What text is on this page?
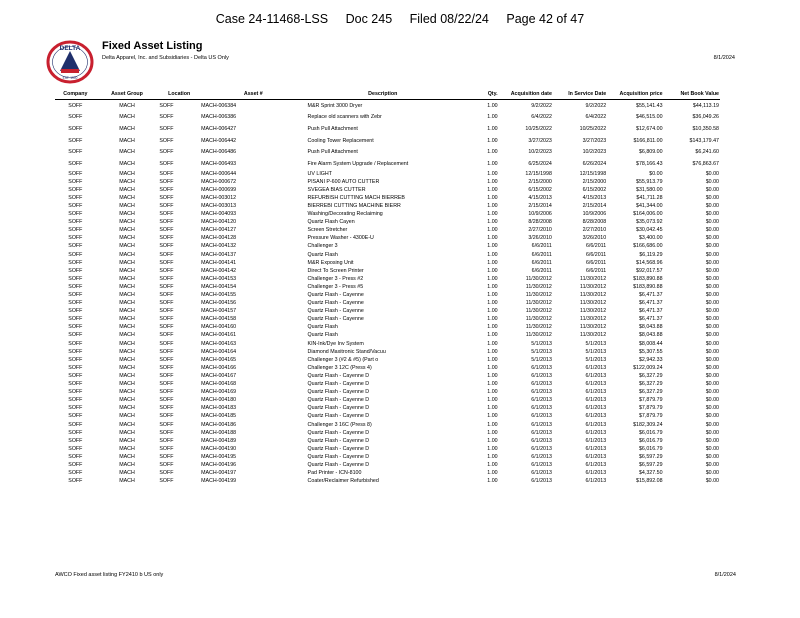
Case 24-11468-LSS Doc 245 Filed 08/22/24 Page 42 of 47
DELTA
EST. 1990
Fixed Asset Listing
Delta Apparel, Inc. and Subsidiaries - Delta US Only	8/1/2024
Company	Asset Group	Location	Asset #	Description	Qty.	Acquisition date	In Service Date	Acquisition price	Net Book Value
SOFF	MACH	SOFF	MACH-006384	M&R Sprint 3000 Dryer	1.00	9/2/2022	9/2/2022	$55,141.43	$44,113.19
SOFF	MACH	SOFF	MACH-006386	Replace old scanners with Zebr	1.00	6/4/2022	6/4/2022	$46,515.00	$36,049.26
SOFF	MACH	SOFF	MACH-006427	Push Pull Attachment	1.00	10/25/2022	10/25/2022	$12,674.00	$10,350.58
SOFF	MACH	SOFF	MACH-006442	Cooling Tower Replacement	1.00	3/27/2023	3/27/2023	$166,811.00	$143,179.47
SOFF	MACH	SOFF	MACH-006486	Push Pull Attachment	1.00	10/2/2023	10/2/2023	$6,809.00	$6,241.60
SOFF	MACH	SOFF	MACH-006493	Fire Alarm System Upgrade / Replacement	1.00	6/25/2024	6/26/2024	$78,166.43	$76,863.67
SOFF	MACH	SOFF	MACH-000644	UV LIGHT	1.00	12/15/1998	12/15/1998	$0.00	$0.00
SOFF	MACH	SOFF	MACH-000672	PISANI P-600 AUTO CUTTER	1.00	2/15/2000	2/15/2000	$55,913.79	$0.00
SOFF	MACH	SOFF	MACH-000699	SVEGEA BIAS CUTTER	1.00	6/15/2002	6/15/2002	$31,580.00	$0.00
SOFF	MACH	SOFF	MACH-003012	REFURBISH CUTTING MACH BIERREB	1.00	4/15/2013	4/15/2013	$41,711.28	$0.00
SOFF	MACH	SOFF	MACH-003013	BIERREBI CUTTING MACHINE BIERR	1.00	2/15/2014	2/15/2014	$41,344.00	$0.00
SOFF	MACH	SOFF	MACH-004093	Washing/Decorating Reclaiming	1.00	10/9/2006	10/9/2006	$164,006.00	$0.00
SOFF	MACH	SOFF	MACH-004120	Quartz Flash Cayen	1.00	8/28/2008	8/28/2008	$35,073.92	$0.00
SOFF	MACH	SOFF	MACH-004127	Screen Stretcher	1.00	2/27/2010	2/27/2010	$30,042.45	$0.00
SOFF	MACH	SOFF	MACH-004128	Pressure Washer - 4300E-U	1.00	3/26/2010	3/26/2010	$3,400.00	$0.00
SOFF	MACH	SOFF	MACH-004132	Challenger 3	1.00	6/6/2011	6/6/2011	$166,686.00	$0.00
SOFF	MACH	SOFF	MACH-004137	Quartz Flash	1.00	6/6/2011	6/6/2011	$6,119.29	$0.00
SOFF	MACH	SOFF	MACH-004141	M&R Exposing Unit	1.00	6/6/2011	6/6/2011	$14,568.96	$0.00
SOFF	MACH	SOFF	MACH-004142	Direct To Screen Printer	1.00	6/6/2011	6/6/2011	$92,017.57	$0.00
SOFF	MACH	SOFF	MACH-004153	Challenger 3 - Press #2	1.00	11/30/2012	11/30/2012	$183,890.88	$0.00
SOFF	MACH	SOFF	MACH-004154	Challenger 3 - Press #5	1.00	11/30/2012	11/30/2012	$183,890.88	$0.00
SOFF	MACH	SOFF	MACH-004155	Quartz Flash - Cayenne	1.00	11/30/2012	11/30/2012	$6,471.37	$0.00
SOFF	MACH	SOFF	MACH-004156	Quartz Flash - Cayenne	1.00	11/30/2012	11/30/2012	$6,471.37	$0.00
SOFF	MACH	SOFF	MACH-004157	Quartz Flash - Cayenne	1.00	11/30/2012	11/30/2012	$6,471.37	$0.00
SOFF	MACH	SOFF	MACH-004158	Quartz Flash - Cayenne	1.00	11/30/2012	11/30/2012	$6,471.37	$0.00
SOFF	MACH	SOFF	MACH-004160	Quartz Flash	1.00	11/30/2012	11/30/2012	$8,043.88	$0.00
SOFF	MACH	SOFF	MACH-004161	Quartz Flash	1.00	11/30/2012	11/30/2012	$8,043.88	$0.00
SOFF	MACH	SOFF	MACH-004163	KIN-Ink/Dye Inv System	1.00	5/1/2013	5/1/2013	$8,008.44	$0.00
SOFF	MACH	SOFF	MACH-004164	Diamond Maxitronic Stand/Vacuu	1.00	5/1/2013	5/1/2013	$5,307.55	$0.00
SOFF	MACH	SOFF	MACH-004165	Challenger 3 (#2 & #5) (Part o	1.00	5/1/2013	5/1/2013	$2,942.33	$0.00
SOFF	MACH	SOFF	MACH-004166	Challenger 3 12C (Press 4)	1.00	6/1/2013	6/1/2013	$122,009.24	$0.00
SOFF	MACH	SOFF	MACH-004167	Quartz Flash - Cayenne D	1.00	6/1/2013	6/1/2013	$6,327.29	$0.00
SOFF	MACH	SOFF	MACH-004168	Quartz Flash - Cayenne D	1.00	6/1/2013	6/1/2013	$6,327.29	$0.00
SOFF	MACH	SOFF	MACH-004169	Quartz Flash - Cayenne D	1.00	6/1/2013	6/1/2013	$6,327.29	$0.00
SOFF	MACH	SOFF	MACH-004180	Quartz Flash - Cayenne D	1.00	6/1/2013	6/1/2013	$7,879.79	$0.00
SOFF	MACH	SOFF	MACH-004183	Quartz Flash - Cayenne D	1.00	6/1/2013	6/1/2013	$7,879.79	$0.00
SOFF	MACH	SOFF	MACH-004185	Quartz Flash - Cayenne D	1.00	6/1/2013	6/1/2013	$7,879.79	$0.00
SOFF	MACH	SOFF	MACH-004186	Challenger 3 16C (Press 8)	1.00	6/1/2013	6/1/2013	$182,309.24	$0.00
SOFF	MACH	SOFF	MACH-004188	Quartz Flash - Cayenne D	1.00	6/1/2013	6/1/2013	$6,016.79	$0.00
SOFF	MACH	SOFF	MACH-004189	Quartz Flash - Cayenne D	1.00	6/1/2013	6/1/2013	$6,016.79	$0.00
SOFF	MACH	SOFF	MACH-004190	Quartz Flash - Cayenne D	1.00	6/1/2013	6/1/2013	$6,016.79	$0.00
SOFF	MACH	SOFF	MACH-004195	Quartz Flash - Cayenne D	1.00	6/1/2013	6/1/2013	$6,597.29	$0.00
SOFF	MACH	SOFF	MACH-004196	Quartz Flash - Cayenne D	1.00	6/1/2013	6/1/2013	$6,597.29	$0.00
SOFF	MACH	SOFF	MACH-004197	Pad Printer - ICN-8100	1.00	6/1/2013	6/1/2013	$4,327.50	$0.00
SOFF	MACH	SOFF	MACH-004199	Coater/Reclaimer Refurbished	1.00	6/1/2013	6/1/2013	$15,892.08	$0.00
AWCO Fixed asset listing FY2410 b US only	8/1/2024
